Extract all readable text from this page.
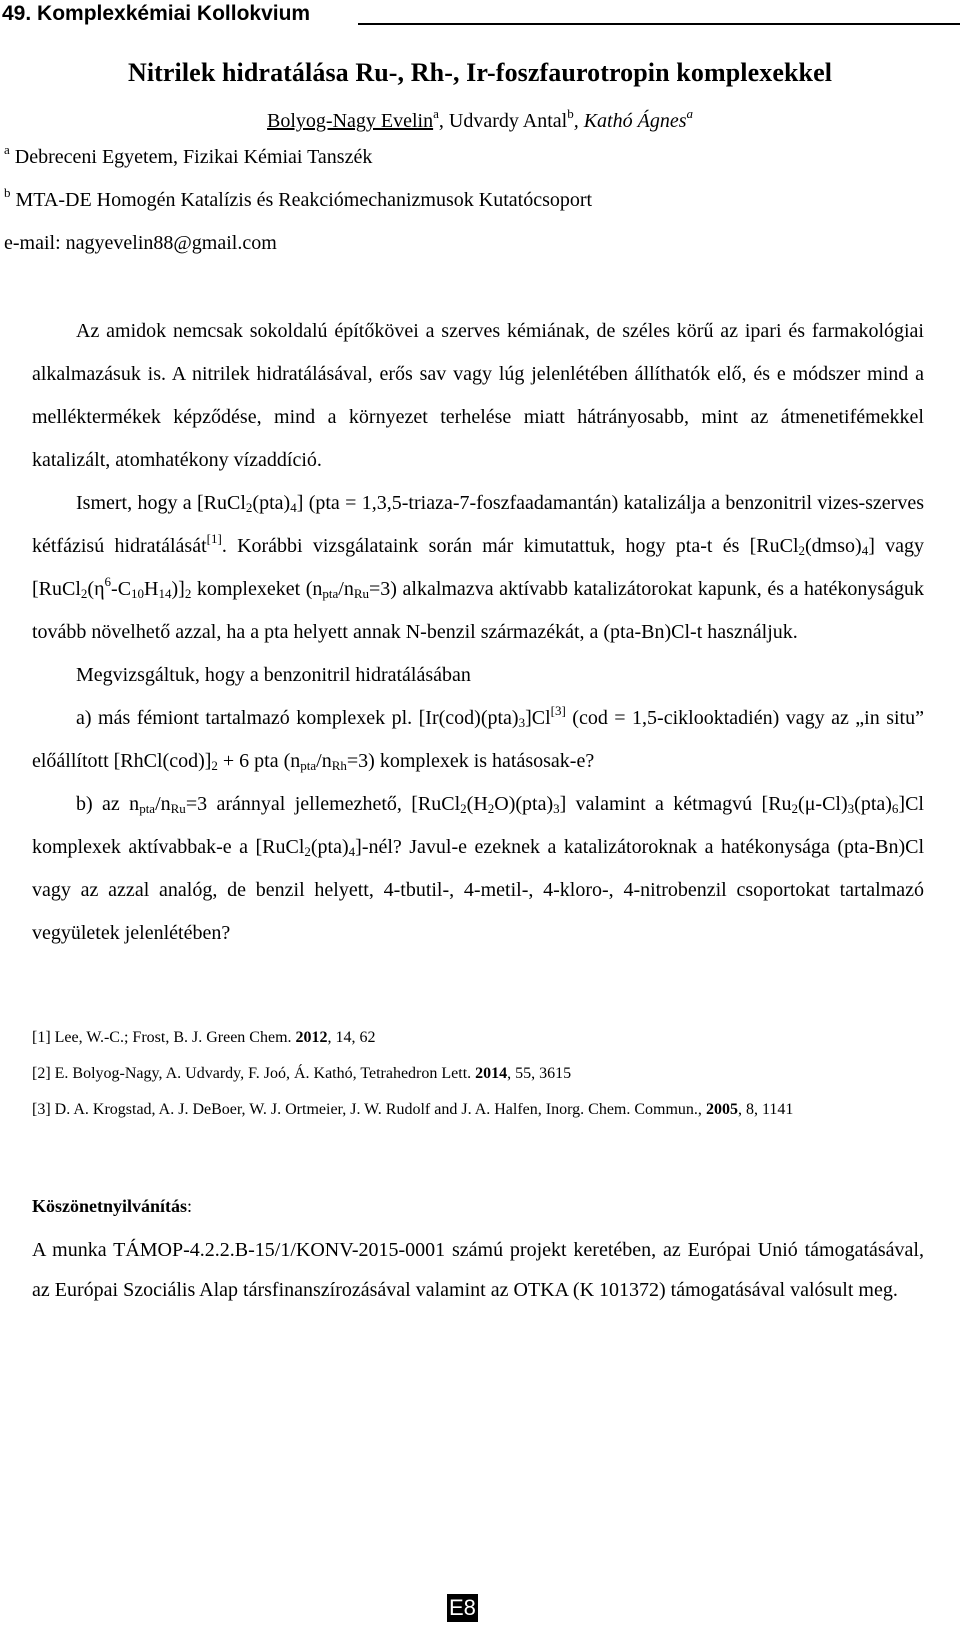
49. Komplexkémiai Kollokvium
Nitrilek hidratálása Ru-, Rh-, Ir-foszfaurotropin komplexekkel
Bolyog-Nagy Evelin$^a$, Udvardy Antal$^b$, Kathó Ágnes$^a$
$^a$ Debreceni Egyetem, Fizikai Kémiai Tanszék
$^b$ MTA-DE Homogén Katalízis és Reakciómechanizmusok Kutatócsoport
e-mail: nagyevelin88@gmail.com

Az amidok nemcsak sokoldalú építőkövei a szerves kémiának, de széles körű az ipari és farmakológiai alkalmazásuk is. A nitrilek hidratálásával, erős sav vagy lúg jelenlétében állíthatók elő, és e módszer mind a melléktermékek képződése, mind a környezet terhelése miatt hátrányosabb, mint az átmenetifémekkel katalizált, atomhatékony vízaddíció.

Ismert, hogy a $[RuCl_2(pta)_4] (pta$ = 1,3,5-triaza-7-foszfaadamantán) katalizálja a benzonitril vizes-szerves kétfázisú hidratálását[1]. Korábbi vizsgálataink során már kimutattuk, hogy pta-t és $[RuCl_2(dmso)_4]$ vagy $[RuCl_2(\eta^6-C_{10}H_{14})]_2$ komplexeket $(n_{pta}/n_{Ru}=3)$ alkalmazva aktívabb katalizátorokat kapunk, és a hatékonyságuk tovább növelhető azzal, ha a pta helyett annak N-benzil származékát, a (pta-Bn)Cl-t használjuk.

Megvizsgáltuk, hogy a benzonitril hidratálásában

a) más fémiont tartalmazó komplexek pl. $[Ir(cod)(pta)_3]Cl[3]$ (cod = 1,5-ciklooktadién) vagy az „in situ” előállított $[RhCl(cod)]_2 + 6$ pta $(n_{pta}/n_{Rh}=3)$ komplexek is hatásosak-e?

b) az $n_{pta}/n_{Ru}=3$ aránnyal jellemezhető, $[RuCl_2(H_2O)(pta)_3]$ valamint a kétmagvú $[Ru_2(\mu-Cl)_3(pta)_6]Cl$ komplexek aktívabbak-e a $[RuCl_2(pta)_4]$-nél? Javul-e ezeknek a katalizátoroknak a hatékonysága (pta-Bn)Cl vagy az azzal analóg, de benzil helyett, 4-tbutil-, 4-metil-, 4-kloro-, 4-nitrobenzil csoportokat tartalmazó vegyületek jelenlétében?

[1] Lee, W.-C.; Frost, B. J. Green Chem. 2012, 14, 62
[2] E. Bolyog-Nagy, A. Udvardy, F. Joó, Á. Kathó, Tetrahedron Lett. 2014, 55, 3615
[3] D. A. Krogstad, A. J. DeBoer, W. J. Ortmeier, J. W. Rudolf and J. A. Halfen, Inorg. Chem. Commun., 2005, 8, 1141
Köszönetnyilvánítás:
A munka TÁMOP-4.2.2.B-15/1/KONV-2015-0001 számú projekt keretében, az Európai Unió támogatásával, az Európai Szociális Alap társfinanszírozásával valamint az OTKA (K 101372) támogatásával valósult meg.
E8
